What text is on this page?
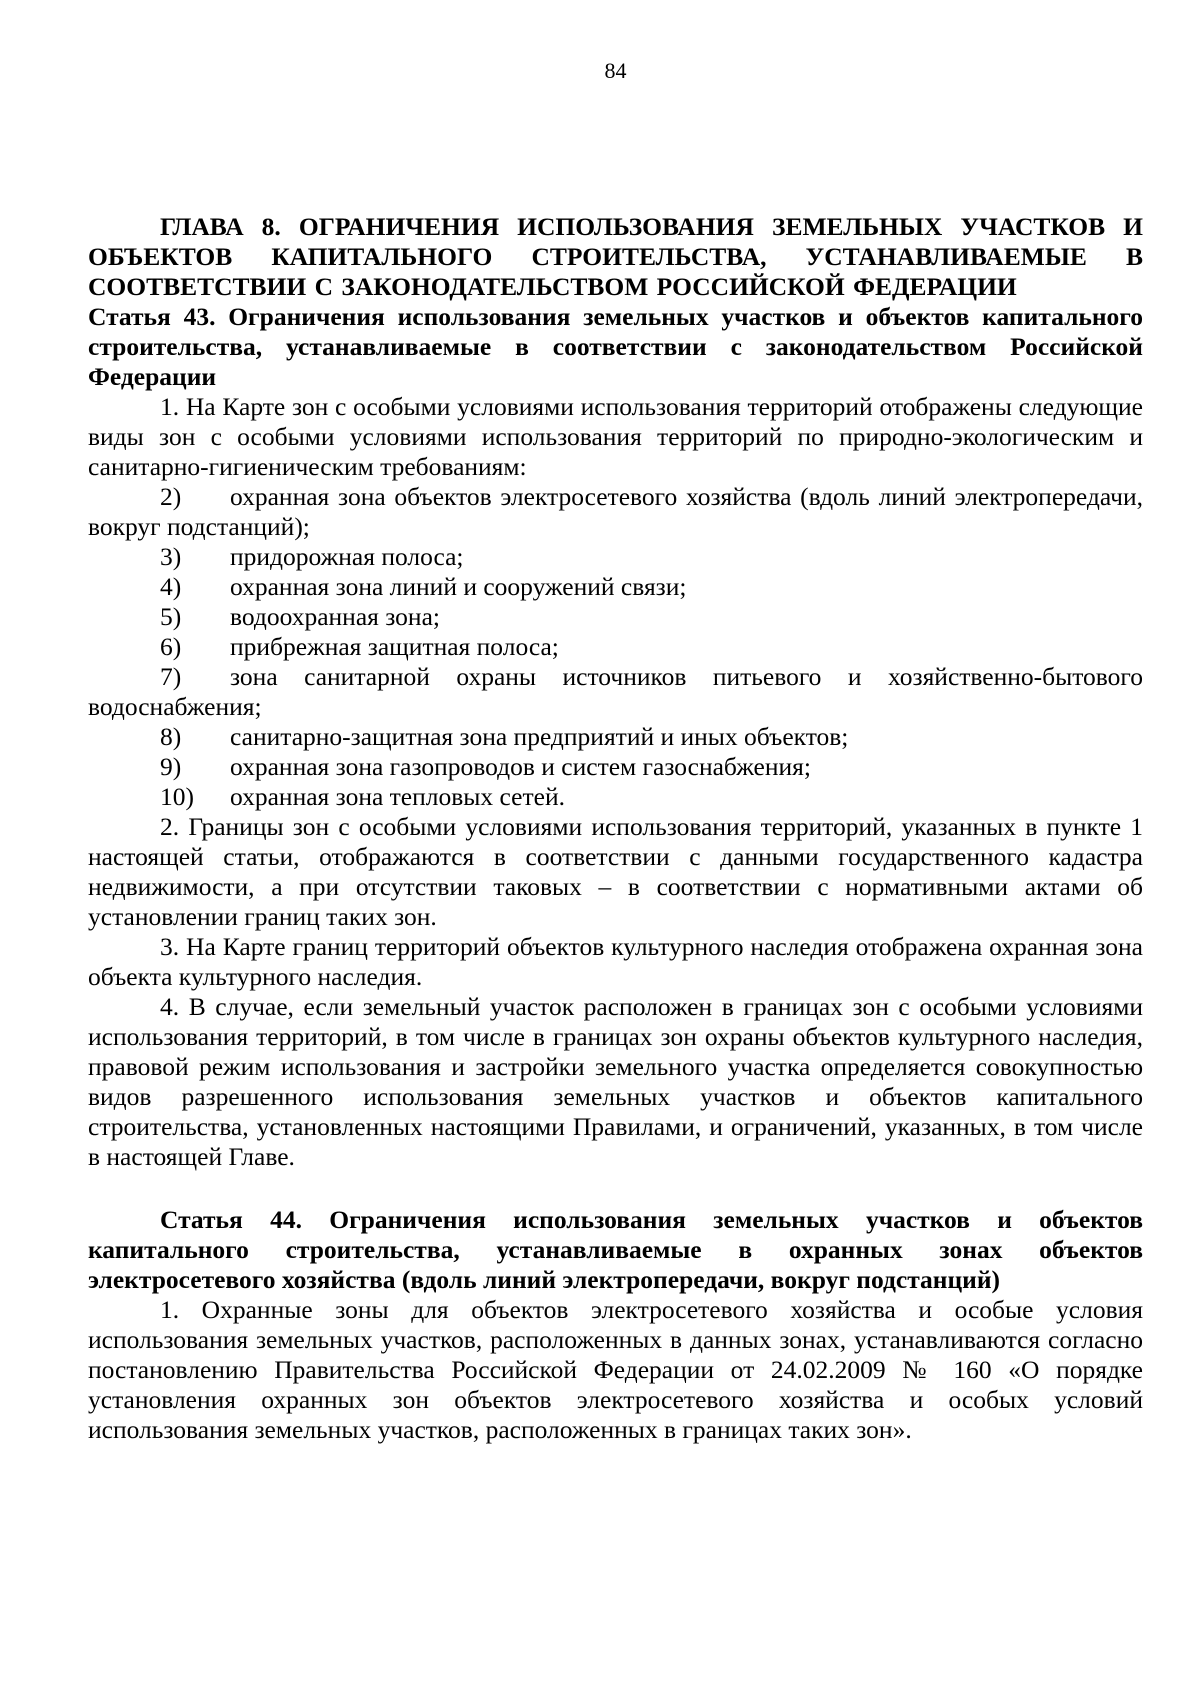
84
ГЛАВА 8. ОГРАНИЧЕНИЯ ИСПОЛЬЗОВАНИЯ ЗЕМЕЛЬНЫХ УЧАСТКОВ И ОБЪЕКТОВ КАПИТАЛЬНОГО СТРОИТЕЛЬСТВА, УСТАНАВЛИВАЕМЫЕ В СООТВЕТСТВИИ С ЗАКОНОДАТЕЛЬСТВОМ РОССИЙСКОЙ ФЕДЕРАЦИИ
Статья 43. Ограничения использования земельных участков и объектов капитального строительства, устанавливаемые в соответствии с законодательством Российской Федерации

1. На Карте зон с особыми условиями использования территорий отображены следующие виды зон с особыми условиями использования территорий по природно-экологическим и санитарно-гигиеническим требованиям:

2) охранная зона объектов электросетевого хозяйства (вдоль линий электропередачи, вокруг подстанций);

3) придорожная полоса;

4) охранная зона линий и сооружений связи;

5) водоохранная зона;

6) прибрежная защитная полоса;

7) зона санитарной охраны источников питьевого и хозяйственно-бытового водоснабжения;

8) санитарно-защитная зона предприятий и иных объектов;

9) охранная зона газопроводов и систем газоснабжения;

10) охранная зона тепловых сетей.

2. Границы зон с особыми условиями использования территорий, указанных в пункте 1 настоящей статьи, отображаются в соответствии с данными государственного кадастра недвижимости, а при отсутствии таковых – в соответствии с нормативными актами об установлении границ таких зон.

3. На Карте границ территорий объектов культурного наследия отображена охранная зона объекта культурного наследия.

4. В случае, если земельный участок расположен в границах зон с особыми условиями использования территорий, в том числе в границах зон охраны объектов культурного наследия, правовой режим использования и застройки земельного участка определяется совокупностью видов разрешенного использования земельных участков и объектов капитального строительства, установленных настоящими Правилами, и ограничений, указанных, в том числе в настоящей Главе.

Статья 44. Ограничения использования земельных участков и объектов капитального строительства, устанавливаемые в охранных зонах объектов электросетевого хозяйства (вдоль линий электропередачи, вокруг подстанций)

1. Охранные зоны для объектов электросетевого хозяйства и особые условия использования земельных участков, расположенных в данных зонах, устанавливаются согласно постановлению Правительства Российской Федерации от 24.02.2009 № 160 «О порядке установления охранных зон объектов электросетевого хозяйства и особых условий использования земельных участков, расположенных в границах таких зон».
